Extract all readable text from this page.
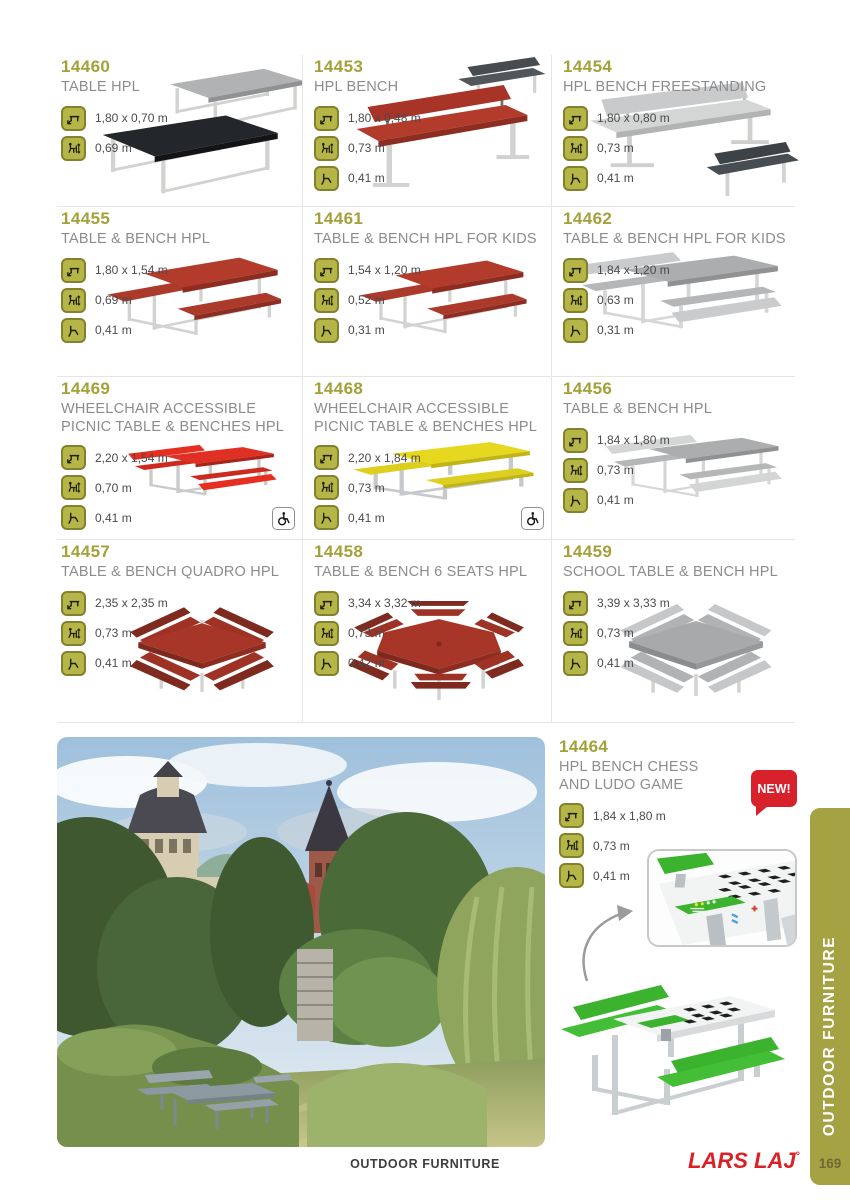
14460
TABLE HPL
1,80 x 0,70 m
0,69 m
14453
HPL BENCH
1,80 x 0,48 m
0,73 m
0,41 m
14454
HPL BENCH FREESTANDING
1,80 x 0,80 m
0,73 m
0,41 m
14455
TABLE & BENCH HPL
1,80 x 1,54 m
0,69 m
0,41 m
14461
TABLE & BENCH HPL FOR KIDS
1,54 x 1,20 m
0,52 m
0,31 m
14462
TABLE & BENCH HPL FOR KIDS
1,84 x 1,20 m
0,63 m
0,31 m
14469
WHEELCHAIR ACCESSIBLE PICNIC TABLE & BENCHES HPL
2,20 x 1,54 m
0,70 m
0,41 m
14468
WHEELCHAIR ACCESSIBLE PICNIC TABLE & BENCHES HPL
2,20 x 1,84 m
0,73 m
0,41 m
14456
TABLE & BENCH HPL
1,84 x 1,80 m
0,73 m
0,41 m
14457
TABLE & BENCH QUADRO HPL
2,35 x 2,35 m
0,73 m
0,41 m
14458
TABLE & BENCH 6 SEATS HPL
3,34 x 3,32 m
0,73 m
0,42 m
14459
SCHOOL TABLE & BENCH HPL
3,39 x 3,33 m
0,73 m
0,41 m
14464
HPL BENCH CHESS AND LUDO GAME
1,84 x 1,80 m
0,73 m
0,41 m
NEW!
OUTDOOR FURNITURE
169
OUTDOOR FURNITURE	LARS LAJ°
